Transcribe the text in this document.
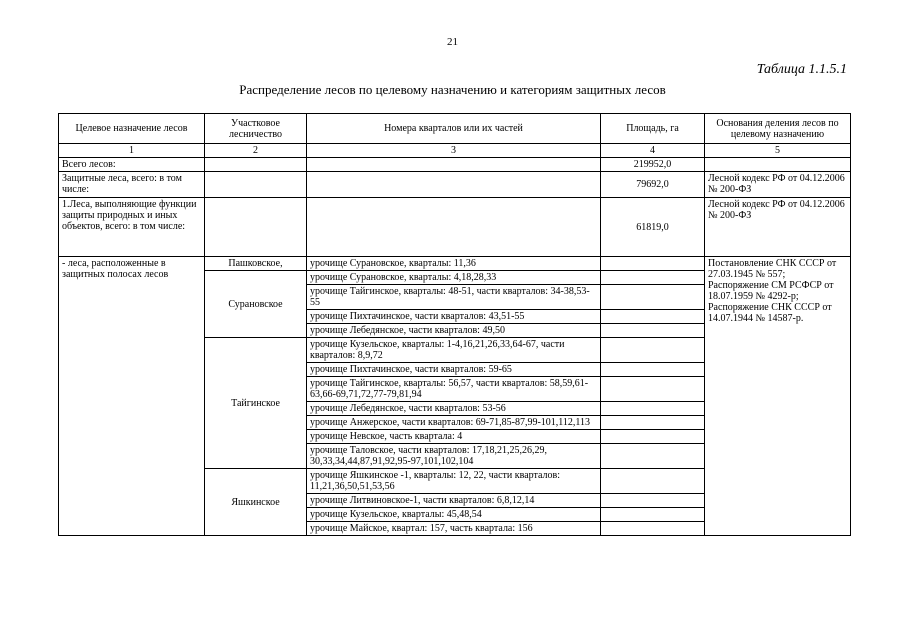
21
Таблица 1.1.5.1
Распределение лесов по целевому назначению и категориям защитных лесов
Целевое назначение лесов	Участковое лесничество	Номера кварталов или их частей	Площадь, га	Основания деления лесов по целевому назначению
1	2	3	4	5
Всего лесов:			219952,0	
Защитные леса, всего: в том числе:			79692,0	Лесной кодекс РФ от 04.12.2006 № 200-ФЗ
1.Леса, выполняющие функции защиты природных и иных объектов, всего: в том числе:			61819,0	Лесной кодекс РФ от 04.12.2006 № 200-ФЗ
- леса, расположенные в защитных полосах лесов	Пашковское,	урочище Сурановское, кварталы: 11,36		Постановление СНК СССР от 27.03.1945 № 557; Распоряжение СМ РСФСР от 18.07.1959 № 4292-р; Распоряжение СНК СССР от 14.07.1944 № 14587-р.
	Сурановское	урочище Сурановское, кварталы: 4,18,28,33		
		урочище Тайгинское, кварталы: 48-51, части кварталов: 34-38,53-55		
		урочище Пихтачинское, части кварталов: 43,51-55		
		урочище Лебедянское, части кварталов: 49,50		
	Тайгинское	урочище Кузельское, кварталы: 1-4,16,21,26,33,64-67, части кварталов: 8,9,72		
		урочище Пихтачинское, части кварталов: 59-65		
		урочище Тайгинское, кварталы: 56,57, части кварталов: 58,59,61-63,66-69,71,72,77-79,81,94		
		урочище Лебедянское, части кварталов: 53-56		
		урочище Анжерское, части кварталов: 69-71,85-87,99-101,112,113		
		урочище Невское, часть квартала: 4		
		урочище Таловское, части кварталов: 17,18,21,25,26,29, 30,33,34,44,87,91,92,95-97,101,102,104		
	Яшкинское	урочище Яшкинское -1, кварталы: 12, 22, части кварталов: 11,21,36,50,51,53,56		
		урочище Литвиновское-1, части кварталов: 6,8,12,14		
		урочище Кузельское, кварталы: 45,48,54		
		урочище Майское, квартал: 157, часть квартала: 156		
